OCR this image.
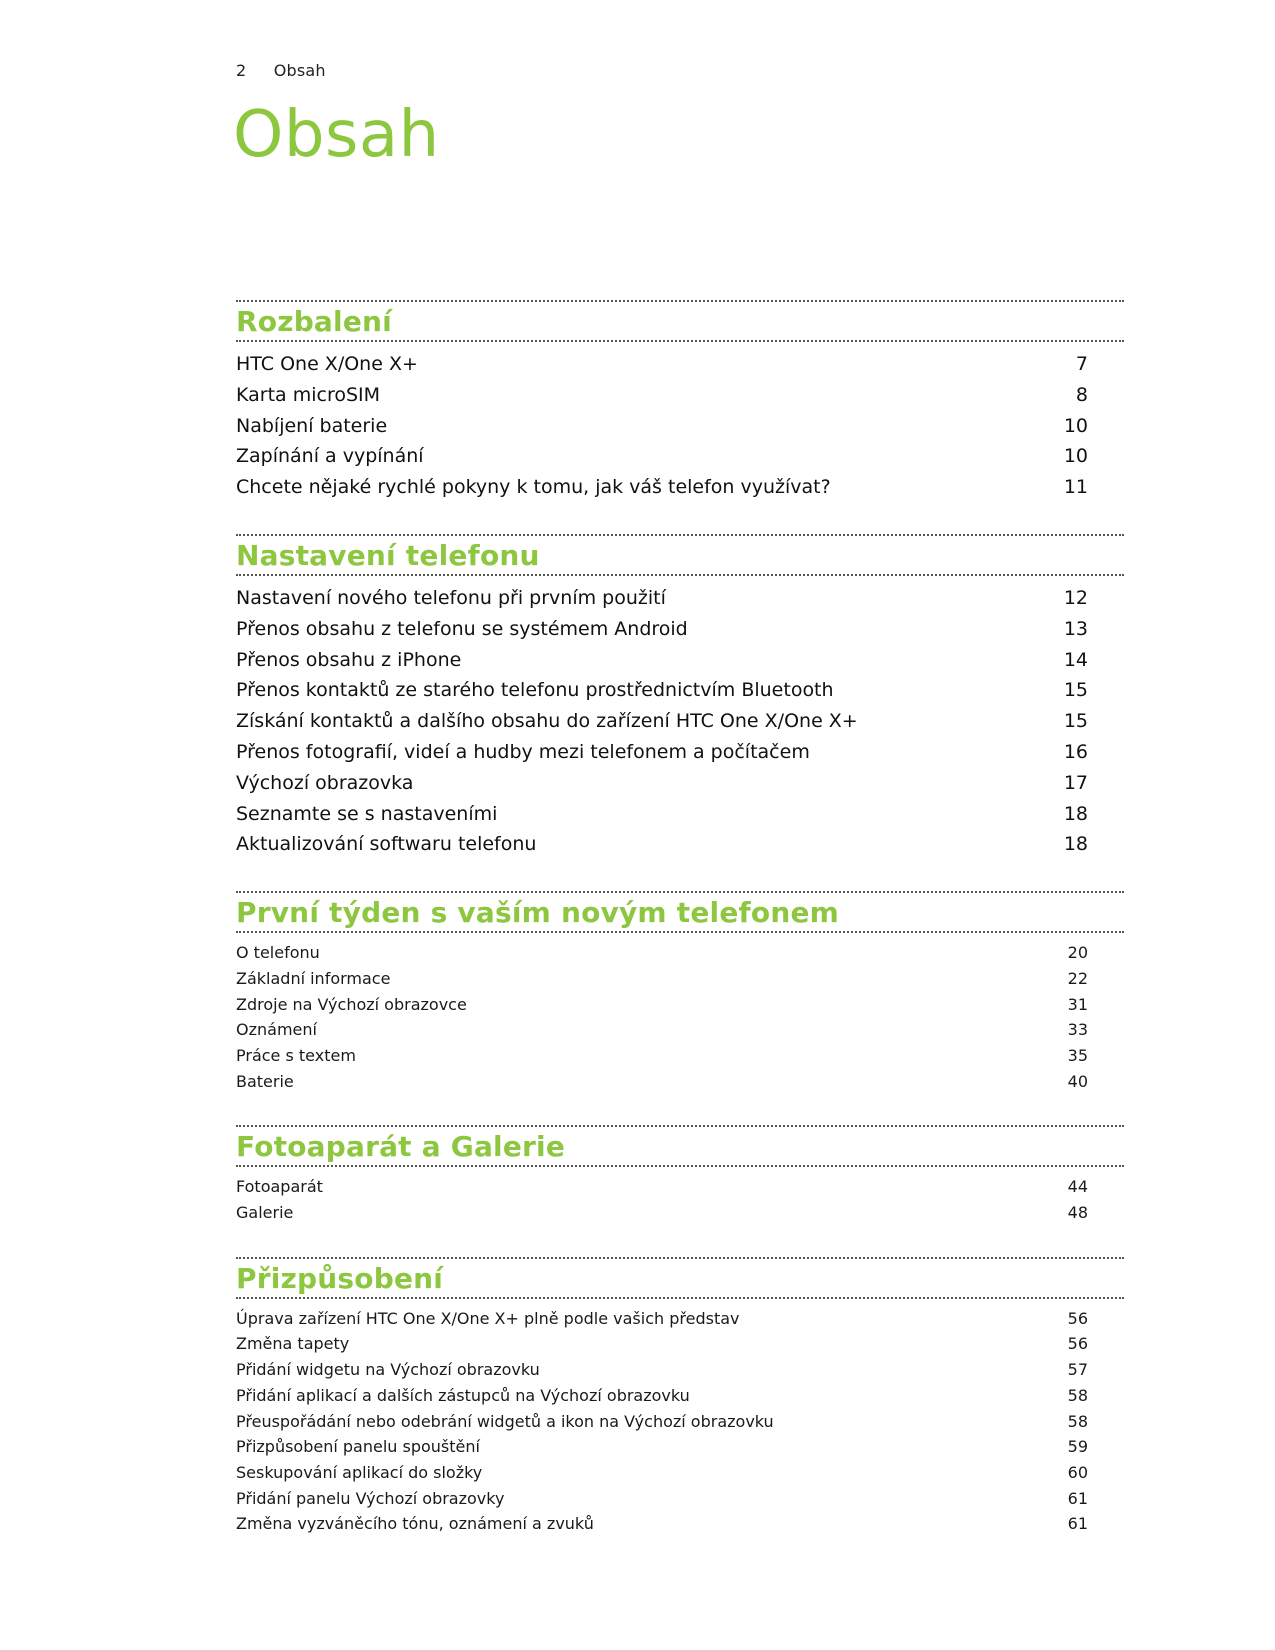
2 Obsah
Obsah
Rozbalení
HTC One X/One X+	7
Karta microSIM	8
Nabíjení baterie	10
Zapínání a vypínání	10
Chcete nějaké rychlé pokyny k tomu, jak váš telefon využívat?	11
Nastavení telefonu
Nastavení nového telefonu při prvním použití	12
Přenos obsahu z telefonu se systémem Android	13
Přenos obsahu z iPhone	14
Přenos kontaktů ze starého telefonu prostřednictvím Bluetooth	15
Získání kontaktů a dalšího obsahu do zařízení HTC One X/One X+	15
Přenos fotografií, videí a hudby mezi telefonem a počítačem	16
Výchozí obrazovka	17
Seznamte se s nastaveními	18
Aktualizování softwaru telefonu	18
První týden s vaším novým telefonem
O telefonu	20
Základní informace	22
Zdroje na Výchozí obrazovce	31
Oznámení	33
Práce s textem	35
Baterie	40
Fotoaparát a Galerie
Fotoaparát	44
Galerie	48
Přizpůsobení
Úprava zařízení HTC One X/One X+ plně podle vašich představ	56
Změna tapety	56
Přidání widgetu na Výchozí obrazovku	57
Přidání aplikací a dalších zástupců na Výchozí obrazovku	58
Přeuspořádání nebo odebrání widgetů a ikon na Výchozí obrazovku	58
Přizpůsobení panelu spouštění	59
Seskupování aplikací do složky	60
Přidání panelu Výchozí obrazovky	61
Změna vyzváněcího tónu, oznámení a zvuků	61
